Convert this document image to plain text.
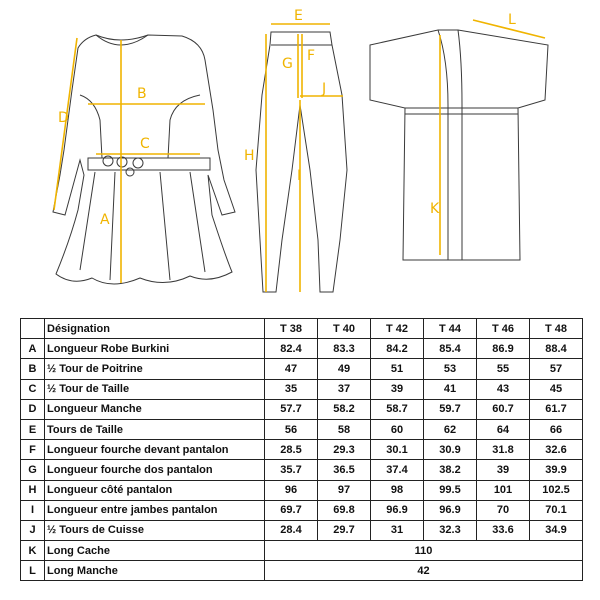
A
B
C
D
E
F
G
H
I
J
L
K
	Désignation	T 38	T 40	T 42	T 44	T 46	T 48
A	Longueur Robe Burkini	82.4	83.3	84.2	85.4	86.9	88.4
B	½ Tour de Poitrine	47	49	51	53	55	57
C	½ Tour de Taille	35	37	39	41	43	45
D	Longueur Manche	57.7	58.2	58.7	59.7	60.7	61.7
E	Tours de Taille	56	58	60	62	64	66
F	Longueur fourche devant pantalon	28.5	29.3	30.1	30.9	31.8	32.6
G	Longueur fourche dos pantalon	35.7	36.5	37.4	38.2	39	39.9
H	Longueur côté pantalon	96	97	98	99.5	101	102.5
I	Longueur entre jambes pantalon	69.7	69.8	96.9	96.9	70	70.1
J	½ Tours de Cuisse	28.4	29.7	31	32.3	33.6	34.9
K	Long Cache	110					
L	Long Manche	42					
